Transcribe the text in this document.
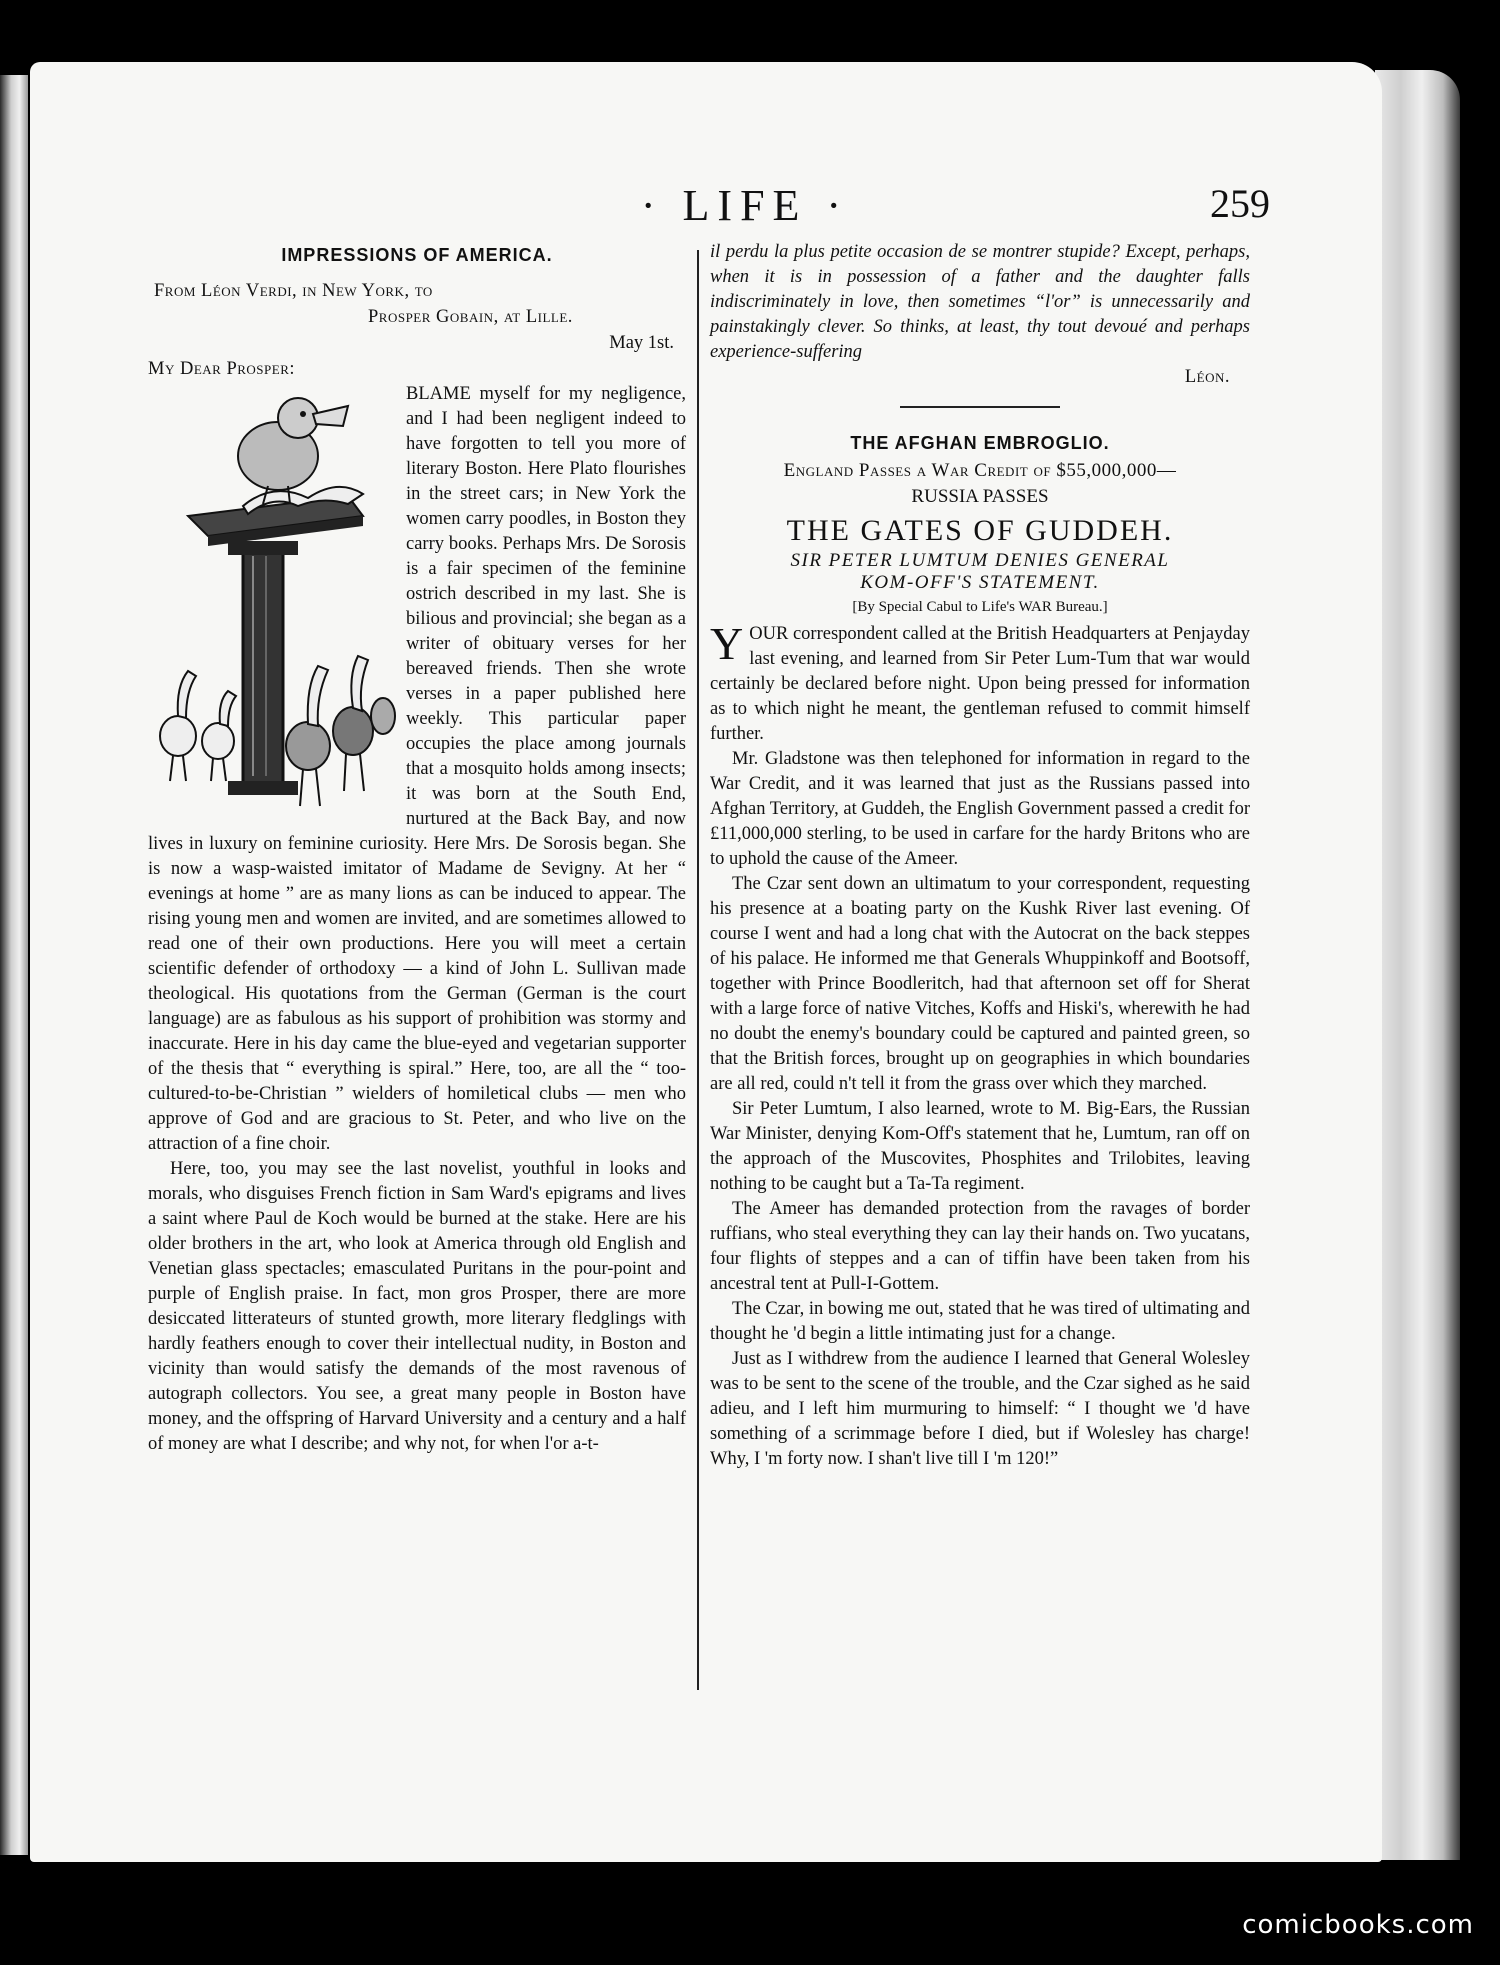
· LIFE ·	259
IMPRESSIONS OF AMERICA.
From Léon Verdi, in New York, to
Prosper Gobain, at Lille.
May 1st.
My Dear Prosper:

BLAME myself for my negligence, and I had been negligent indeed to have forgotten to tell you more of literary Boston. Here Plato flourishes in the street cars; in New York the women carry poodles, in Boston they carry books. Perhaps Mrs. De Sorosis is a fair specimen of the feminine ostrich described in my last. She is bilious and provincial; she began as a writer of obituary verses for her bereaved friends. Then she wrote verses in a paper published here weekly. This particular paper occupies the place among journals that a mosquito holds among insects; it was born at the South End, nurtured at the Back Bay, and now lives in luxury on feminine curiosity. Here Mrs. De Sorosis began. She is now a wasp-waisted imitator of Madame de Sevigny. At her “ evenings at home ” are as many lions as can be induced to appear. The rising young men and women are invited, and are sometimes allowed to read one of their own productions. Here you will meet a certain scientific defender of orthodoxy — a kind of John L. Sullivan made theological. His quotations from the German (German is the court language) are as fabulous as his support of prohibition was stormy and inaccurate. Here in his day came the blue-eyed and vegetarian supporter of the thesis that “ everything is spiral.” Here, too, are all the “ too-cultured-to-be-Christian ” wielders of homiletical clubs — men who approve of God and are gracious to St. Peter, and who live on the attraction of a fine choir.

Here, too, you may see the last novelist, youthful in looks and morals, who disguises French fiction in Sam Ward's epigrams and lives a saint where Paul de Koch would be burned at the stake. Here are his older brothers in the art, who look at America through old English and Venetian glass spectacles; emasculated Puritans in the pour-point and purple of English praise. In fact, mon gros Prosper, there are more desiccated litterateurs of stunted growth, more literary fledglings with hardly feathers enough to cover their intellectual nudity, in Boston and vicinity than would satisfy the demands of the most ravenous of autograph collectors. You see, a great many people in Boston have money, and the offspring of Harvard University and a century and a half of money are what I describe; and why not, for when l'or a-t-

il perdu la plus petite occasion de se montrer stupide? Except, perhaps, when it is in possession of a father and the daughter falls indiscriminately in love, then sometimes “l'or” is unnecessarily and painstakingly clever. So thinks, at least, thy tout devoué and perhaps experience-suffering

Léon.
THE AFGHAN EMBROGLIO.
England Passes a War Credit of $55,000,000—
RUSSIA PASSES
THE GATES OF GUDDEH.
SIR PETER LUMTUM DENIES GENERAL
KOM-OFF'S STATEMENT.
[By Special Cabul to Life's WAR Bureau.]
Y OUR correspondent called at the British Headquarters at Penjayday last evening, and learned from Sir Peter Lum-Tum that war would certainly be declared before night. Upon being pressed for information as to which night he meant, the gentleman refused to commit himself further.

Mr. Gladstone was then telephoned for information in regard to the War Credit, and it was learned that just as the Russians passed into Afghan Territory, at Guddeh, the English Government passed a credit for £11,000,000 sterling, to be used in carfare for the hardy Britons who are to uphold the cause of the Ameer.

The Czar sent down an ultimatum to your correspondent, requesting his presence at a boating party on the Kushk River last evening. Of course I went and had a long chat with the Autocrat on the back steppes of his palace. He informed me that Generals Whuppinkoff and Bootsoff, together with Prince Boodleritch, had that afternoon set off for Sherat with a large force of native Vitches, Koffs and Hiski's, wherewith he had no doubt the enemy's boundary could be captured and painted green, so that the British forces, brought up on geographies in which boundaries are all red, could n't tell it from the grass over which they marched.

Sir Peter Lumtum, I also learned, wrote to M. Big-Ears, the Russian War Minister, denying Kom-Off's statement that he, Lumtum, ran off on the approach of the Muscovites, Phosphites and Trilobites, leaving nothing to be caught but a Ta-Ta regiment.

The Ameer has demanded protection from the ravages of border ruffians, who steal everything they can lay their hands on. Two yucatans, four flights of steppes and a can of tiffin have been taken from his ancestral tent at Pull-I-Gottem.

The Czar, in bowing me out, stated that he was tired of ultimating and thought he 'd begin a little intimating just for a change.

Just as I withdrew from the audience I learned that General Wolesley was to be sent to the scene of the trouble, and the Czar sighed as he said adieu, and I left him murmuring to himself: “ I thought we 'd have something of a scrimmage before I died, but if Wolesley has charge! Why, I 'm forty now. I shan't live till I 'm 120!”

comicbooks.com
